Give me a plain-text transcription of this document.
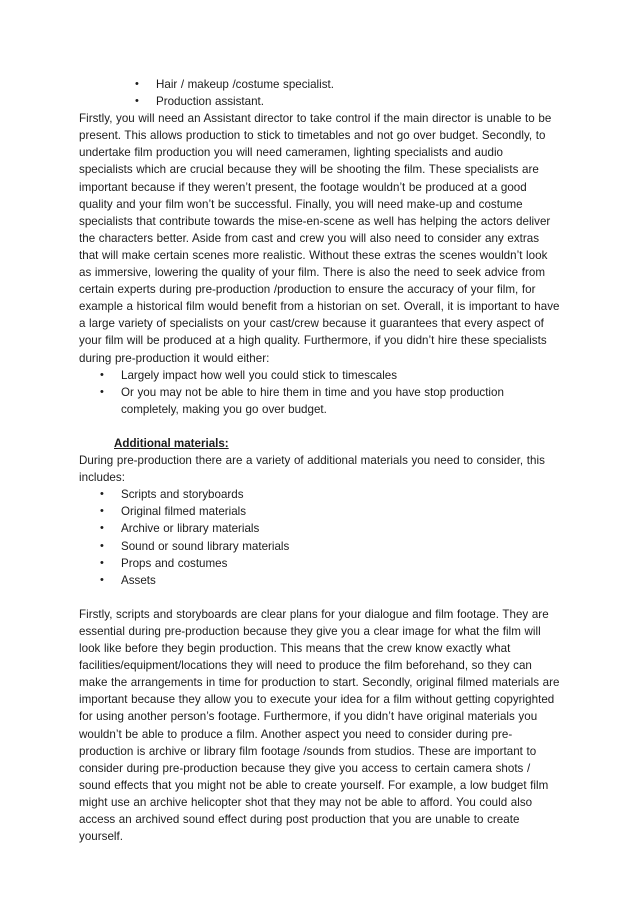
• Hair / makeup /costume specialist.
• Production assistant.

Firstly, you will need an Assistant director to take control if the main director is unable to be present. This allows production to stick to timetables and not go over budget. Secondly, to undertake film production you will need cameramen, lighting specialists and audio specialists which are crucial because they will be shooting the film. These specialists are important because if they weren’t present, the footage wouldn’t be produced at a good quality and your film won’t be successful. Finally, you will need make-up and costume specialists that contribute towards the mise-en-scene as well has helping the actors deliver the characters better. Aside from cast and crew you will also need to consider any extras that will make certain scenes more realistic. Without these extras the scenes wouldn’t look as immersive, lowering the quality of your film. There is also the need to seek advice from certain experts during pre-production /production to ensure the accuracy of your film, for example a historical film would benefit from a historian on set. Overall, it is important to have a large variety of specialists on your cast/crew because it guarantees that every aspect of your film will be produced at a high quality. Furthermore, if you didn’t hire these specialists during pre-production it would either:

• Largely impact how well you could stick to timescales
• Or you may not be able to hire them in time and you have stop production completely, making you go over budget.

Additional materials:

During pre-production there are a variety of additional materials you need to consider, this includes:

• Scripts and storyboards
• Original filmed materials
• Archive or library materials
• Sound or sound library materials
• Props and costumes
• Assets

Firstly, scripts and storyboards are clear plans for your dialogue and film footage. They are essential during pre-production because they give you a clear image for what the film will look like before they begin production. This means that the crew know exactly what facilities/equipment/locations they will need to produce the film beforehand, so they can make the arrangements in time for production to start. Secondly, original filmed materials are important because they allow you to execute your idea for a film without getting copyrighted for using another person’s footage. Furthermore, if you didn’t have original materials you wouldn’t be able to produce a film. Another aspect you need to consider during pre-production is archive or library film footage /sounds from studios. These are important to consider during pre-production because they give you access to certain camera shots / sound effects that you might not be able to create yourself. For example, a low budget film might use an archive helicopter shot that they may not be able to afford. You could also access an archived sound effect during post production that you are unable to create yourself.
